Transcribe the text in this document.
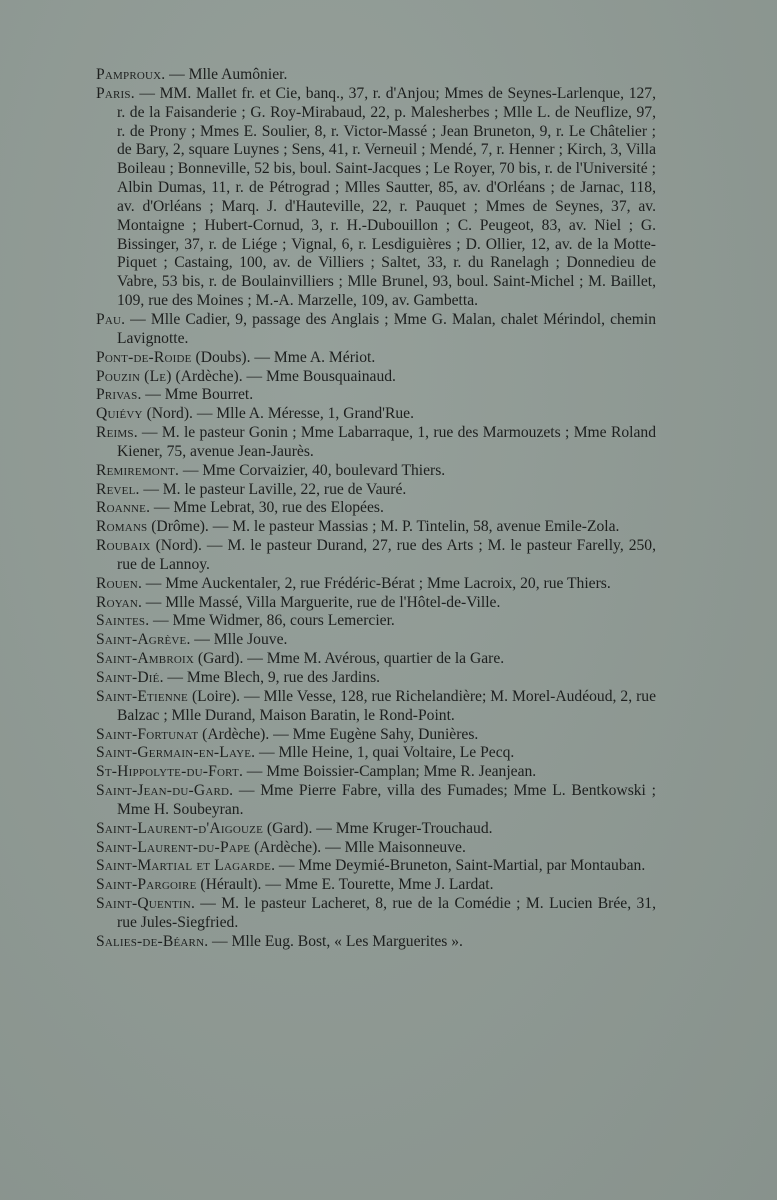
Pamproux. — Mlle Aumônier.

Paris. — MM. Mallet fr. et Cie, banq., 37, r. d'Anjou; Mmes de Seynes-Larlenque, 127, r. de la Faisanderie ; G. Roy-Mirabaud, 22, p. Malesherbes ; Mlle L. de Neuflize, 97, r. de Prony ; Mmes E. Soulier, 8, r. Victor-Massé ; Jean Bruneton, 9, r. Le Châtelier ; de Bary, 2, square Luynes ; Sens, 41, r. Verneuil ; Mendé, 7, r. Henner ; Kirch, 3, Villa Boileau ; Bonneville, 52 bis, boul. Saint-Jacques ; Le Royer, 70 bis, r. de l'Université ; Albin Dumas, 11, r. de Pétrograd ; Mlles Sautter, 85, av. d'Orléans ; de Jarnac, 118, av. d'Orléans ; Marq. J. d'Hauteville, 22, r. Pauquet ; Mmes de Seynes, 37, av. Montaigne ; Hubert-Cornud, 3, r. H.-Dubouillon ; C. Peugeot, 83, av. Niel ; G. Bissinger, 37, r. de Liége ; Vignal, 6, r. Lesdiguières ; D. Ollier, 12, av. de la Motte-Piquet ; Castaing, 100, av. de Villiers ; Saltet, 33, r. du Ranelagh ; Donnedieu de Vabre, 53 bis, r. de Boulainvilliers ; Mlle Brunel, 93, boul. Saint-Michel ; M. Baillet, 109, rue des Moines ; M.-A. Marzelle, 109, av. Gambetta.

Pau. — Mlle Cadier, 9, passage des Anglais ; Mme G. Malan, chalet Mérindol, chemin Lavignotte.

Pont-de-Roide (Doubs). — Mme A. Mériot.

Pouzin (Le) (Ardèche). — Mme Bousquainaud.

Privas. — Mme Bourret.

Quiévy (Nord). — Mlle A. Méresse, 1, Grand'Rue.

Reims. — M. le pasteur Gonin ; Mme Labarraque, 1, rue des Marmouzets ; Mme Roland Kiener, 75, avenue Jean-Jaurès.

Remiremont. — Mme Corvaizier, 40, boulevard Thiers.

Revel. — M. le pasteur Laville, 22, rue de Vauré.

Roanne. — Mme Lebrat, 30, rue des Elopées.

Romans (Drôme). — M. le pasteur Massias ; M. P. Tintelin, 58, avenue Emile-Zola.

Roubaix (Nord). — M. le pasteur Durand, 27, rue des Arts ; M. le pasteur Farelly, 250, rue de Lannoy.

Rouen. — Mme Auckentaler, 2, rue Frédéric-Bérat ; Mme Lacroix, 20, rue Thiers.

Royan. — Mlle Massé, Villa Marguerite, rue de l'Hôtel-de-Ville.

Saintes. — Mme Widmer, 86, cours Lemercier.

Saint-Agrève. — Mlle Jouve.

Saint-Ambroix (Gard). — Mme M. Avérous, quartier de la Gare.

Saint-Dié. — Mme Blech, 9, rue des Jardins.

Saint-Etienne (Loire). — Mlle Vesse, 128, rue Richelandière; M. Morel-Audéoud, 2, rue Balzac ; Mlle Durand, Maison Baratin, le Rond-Point.

Saint-Fortunat (Ardèche). — Mme Eugène Sahy, Dunières.

Saint-Germain-en-Laye. — Mlle Heine, 1, quai Voltaire, Le Pecq.

St-Hippolyte-du-Fort. — Mme Boissier-Camplan; Mme R. Jeanjean.

Saint-Jean-du-Gard. — Mme Pierre Fabre, villa des Fumades; Mme L. Bentkowski ; Mme H. Soubeyran.

Saint-Laurent-d'Aigouze (Gard). — Mme Kruger-Trouchaud.

Saint-Laurent-du-Pape (Ardèche). — Mlle Maisonneuve.

Saint-Martial et Lagarde. — Mme Deymié-Bruneton, Saint-Martial, par Montauban.

Saint-Pargoire (Hérault). — Mme E. Tourette, Mme J. Lardat.

Saint-Quentin. — M. le pasteur Lacheret, 8, rue de la Comédie ; M. Lucien Brée, 31, rue Jules-Siegfried.

Salies-de-Béarn. — Mlle Eug. Bost, « Les Marguerites ».
